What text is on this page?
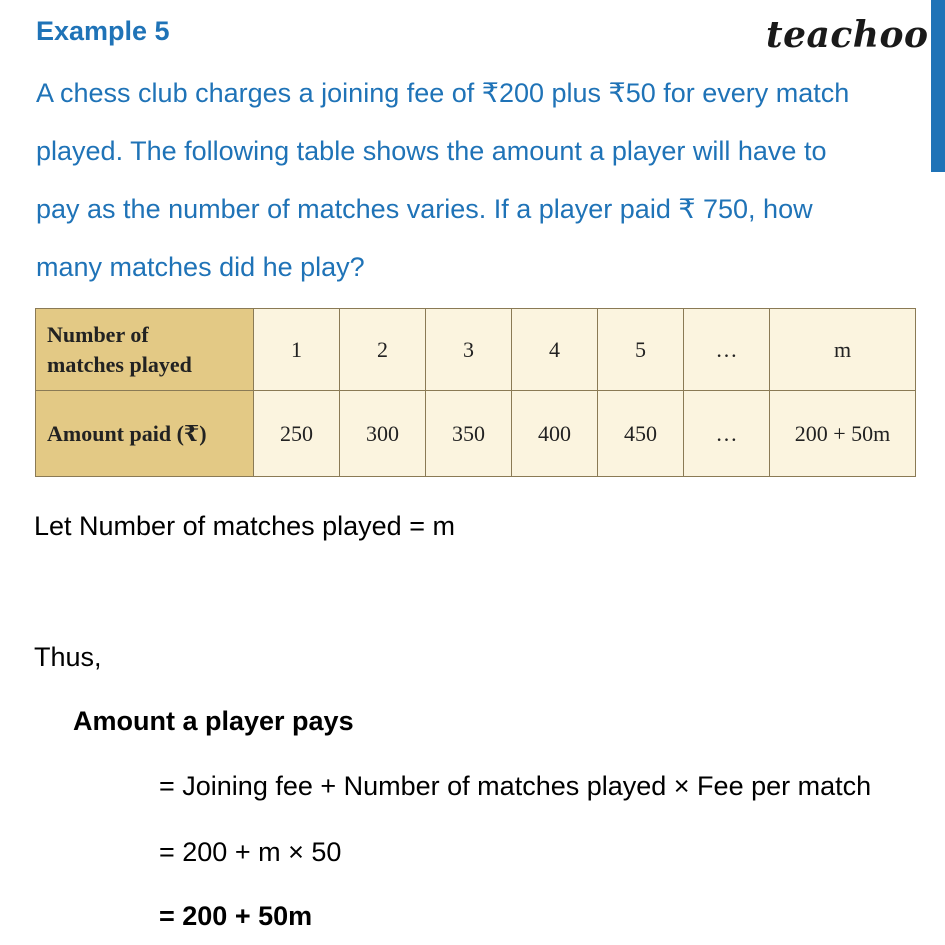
Example 5	teachoo

A chess club charges a joining fee of ₹200 plus ₹50 for every match

played. The following table shows the amount a player will have to

pay as the number of matches varies. If a player paid ₹ 750, how

many matches did he play?

Number of
matches played	1	2	3	4	5	…	m
Amount paid (₹)	250	300	350	400	450	…	200 + 50m
Let Number of matches played = m
Thus,
Amount a player pays
= Joining fee + Number of matches played × Fee per match
= 200 + m × 50
= 200 + 50m
